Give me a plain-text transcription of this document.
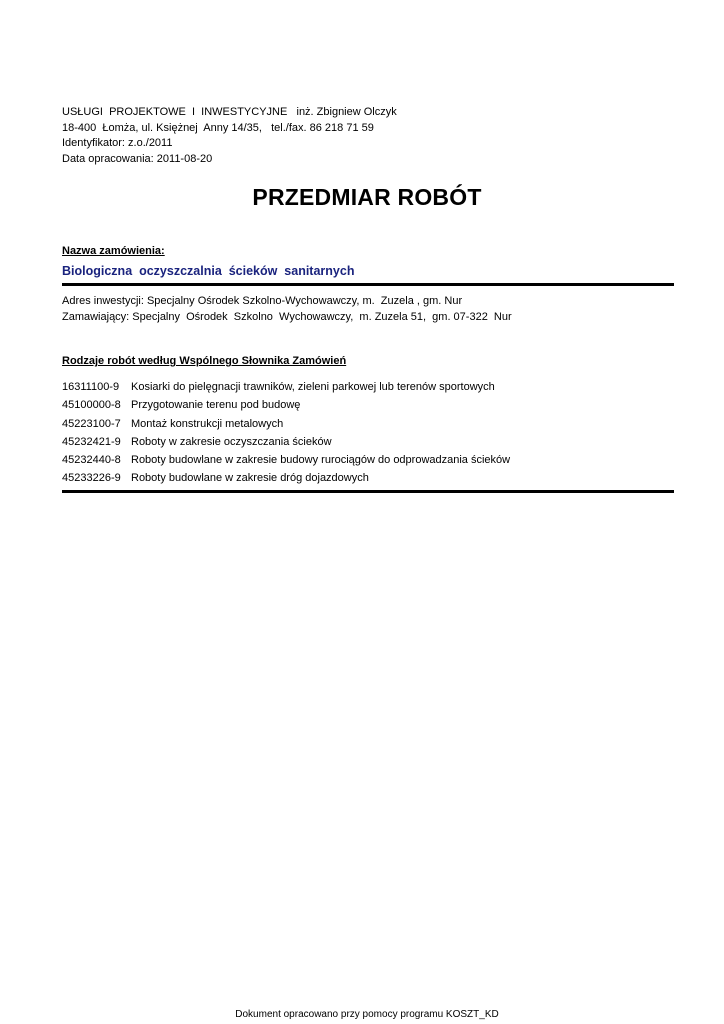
USŁUGI  PROJEKTOWE  I  INWESTYCYJNE   inż. Zbigniew Olczyk
18-400  Łomża, ul. Księżnej  Anny 14/35,   tel./fax. 86 218 71 59
Identyfikator: z.o./2011
Data opracowania: 2011-08-20
PRZEDMIAR ROBÓT
Nazwa zamówienia:
Biologiczna  oczyszczalnia  ścieków  sanitarnych
Adres inwestycji: Specjalny Ośrodek Szkolno-Wychowawczy, m.  Zuzela , gm. Nur
Zamawiający: Specjalny  Ośrodek  Szkolno  Wychowawczy,  m. Zuzela 51,  gm. 07-322  Nur
Rodzaje robót według Wspólnego Słownika Zamówień
16311100-9	Kosiarki do pielęgnacji trawników, zieleni parkowej lub terenów sportowych
45100000-8 Przygotowanie terenu pod budowę
45223100-7 Montaż konstrukcji metalowych
45232421-9 Roboty w zakresie oczyszczania ścieków
45232440-8 Roboty budowlane w zakresie budowy rurociągów do odprowadzania ścieków
45233226-9 Roboty budowlane w zakresie dróg dojazdowych
Dokument opracowano przy pomocy programu KOSZT_KD
